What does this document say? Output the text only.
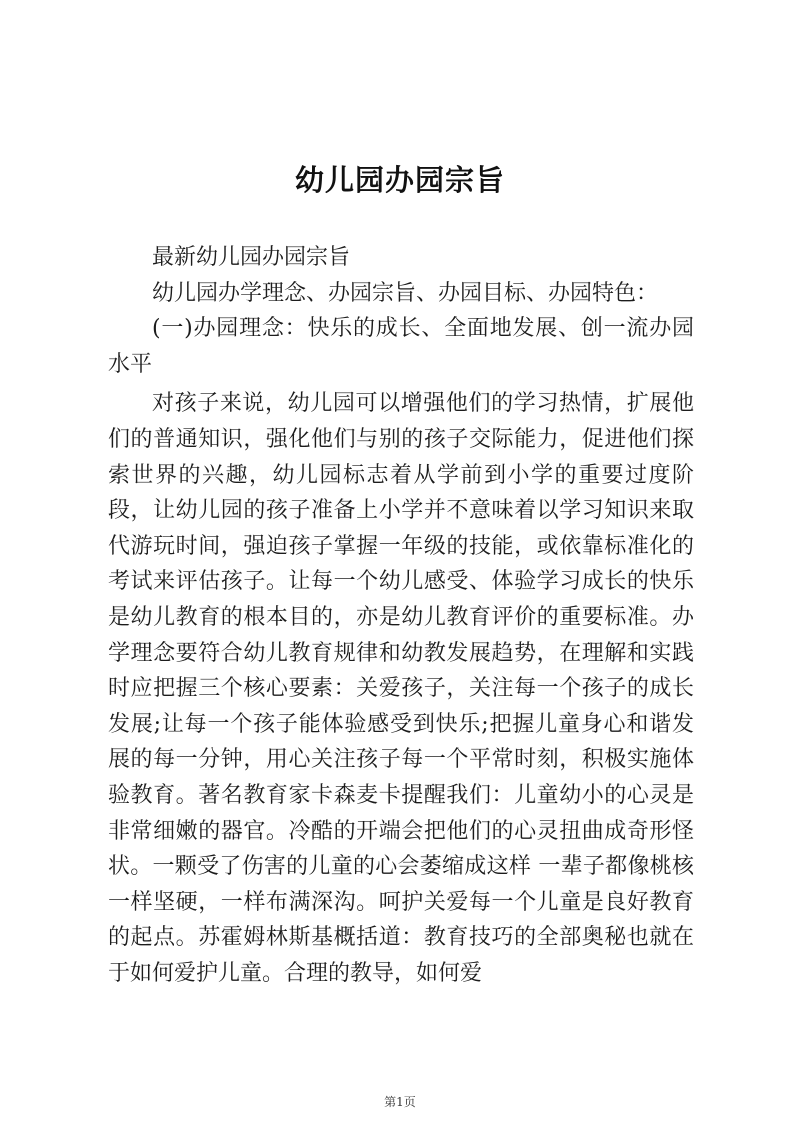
幼儿园办园宗旨

最新幼儿园办园宗旨

幼儿园办学理念、办园宗旨、办园目标、办园特色：

(一)办园理念：快乐的成长、全面地发展、创一流办园水平

对孩子来说，幼儿园可以增强他们的学习热情，扩展他们的普通知识，强化他们与别的孩子交际能力，促进他们探索世界的兴趣，幼儿园标志着从学前到小学的重要过度阶段，让幼儿园的孩子准备上小学并不意味着以学习知识来取代游玩时间，强迫孩子掌握一年级的技能，或依靠标准化的考试来评估孩子。让每一个幼儿感受、体验学习成长的快乐是幼儿教育的根本目的，亦是幼儿教育评价的重要标准。办学理念要符合幼儿教育规律和幼教发展趋势，在理解和实践时应把握三个核心要素：关爱孩子，关注每一个孩子的成长发展;让每一个孩子能体验感受到快乐;把握儿童身心和谐发展的每一分钟，用心关注孩子每一个平常时刻，积极实施体验教育。著名教育家卡森麦卡提醒我们：儿童幼小的心灵是非常细嫩的器官。冷酷的开端会把他们的心灵扭曲成奇形怪状。一颗受了伤害的儿童的心会萎缩成这样 一辈子都像桃核一样坚硬，一样布满深沟。呵护关爱每一个儿童是良好教育的起点。苏霍姆林斯基概括道：教育技巧的全部奥秘也就在于如何爱护儿童。合理的教导，如何爱

第1页
